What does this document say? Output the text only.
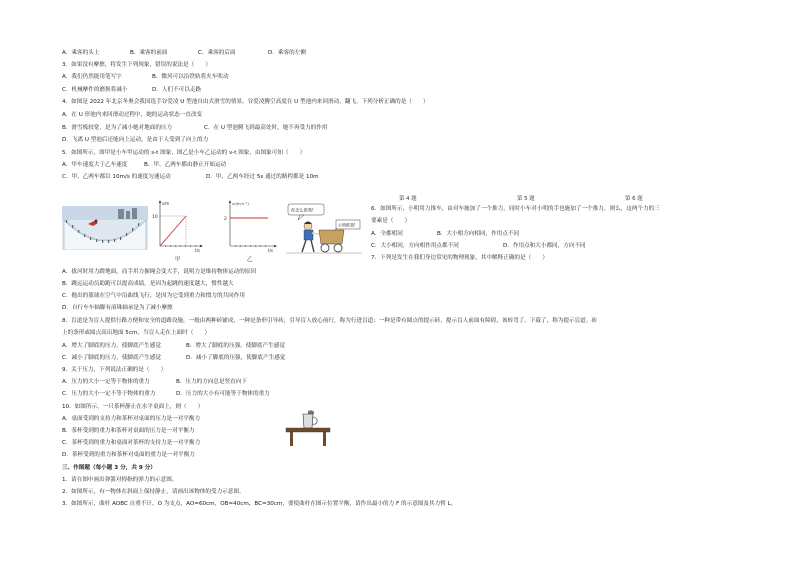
A．乘客的头上	B．乘客的前面	C．乘客的后面	D．乘客的左侧
3．如果没有摩擦，将发生下列现象，错误的说法是（　　）
A．我们仍然能用笔写字	B．微风可以沿铁轨将火车吹动
C．机械摩件的磨损将减小	D．人们不可以走路
4．如图是 2022 年北京冬奥会我国选手谷爱凌 U 型池自由式滑雪的情景。谷爱凌腾空高度在 U 型池内来回滑动、翻飞。下列分析正确的是（　　）
A．在 U 形池内来回滑动过程中，她的运动状态一直改变
B．滑雪板较宽，是为了减小她对地面的压力	C．在 U 型池腾飞到最高处时，她不再受力的作用
D．飞离 U 型池后还能向上运动，是由于人受到了向上的力
5．如图所示，图甲是小车甲运动的 s-t 图象，图乙是小车乙运动的 v-t 图象，由图象可知（　　）
A．甲车速度大于乙车速度	B．甲、乙两车都由静止开始运动
C．甲、乙两车都以 10m/s 的速度匀速运动	D．甲、乙两车经过 5s 通过的路程都是 10m
第 4 题	第 5 题	第 6 题
s/m
10
t/s
甲
v/(m·s⁻¹)
2
t/s
乙
你怎么推我!
小明推我!
6．如图所示，小明用力推车，由对车施加了一个推力，同时小车对小明的手也施加了一个推力。则么，这两个力的三
要素是（　　）
A．全都相同	B．大小相方向相同，作用点不同
C．大小相同，方向相作用点都不同	D．作用点和大小都同，方向不同
7．下列是发生在我们身边常见的物理现象，其中解释正确的是（　　）
A．拔河时用力蹬地面，而手用力握绳会变大手，说明力是维持物体运动的原因
B．跳远运动员助跑可以提高成绩，是因为起跳的速度越大，惯性越大
C．抛出的篮球在空气中沿曲线飞行，是因为它受到重力和惯力的共同作用
D．自行车车轴脚有滚珠轴承是为了减小摩擦
8．盲道是为盲人提供行路方便和安全的道路设施，一般由两种砖铺成，一种是条形引导砖，引导盲人放心前行，称为行进盲道；一种是带有圆点的提示砖，提示盲人前面有障碍，该转弯了。下载了，称为提示盲道。砖
上的条形或圆点高出地面 5cm，当盲人走在上面时（　　）
A．增大了脚底的压力，使脚底产生感觉	B．增大了脚底的压强，使脚底产生感觉
C．减小了脚底的压力，使脚底产生感觉	D．减小了脚底的压强，使脚底产生感觉
9．关于压力，下列说法正确的是（　　）
A．压力的大小一定等于物体的重力	B．压力的方向总是竖直向下
C．压力的大小一定不等于物体的重力	D．压力的大小有可能等于物体的重力
10．如图所示，一只茶杯静止在水平桌面上，则（　　）
A．桌面受到的支持力和茶杯对桌面的压力是一对平衡力
B．茶杯受到的重力和茶杯对桌面的压力是一对平衡力
C．茶杯受到的重力和桌面对茶杯的支持力是一对平衡力
D．茶杯受到的重力和茶杯对桌面的重力是一对平衡力
三、作图题（每小题 3 分，共 9 分）
1．请在图中画出弹簧对拇指的弹力的示意图。
2．如图所示，有一物体在斜面上保持静止，请画出该物体的受力示意图。
3．如图所示，曲杆 AOBC 自重不计，O 为支点，AO=60cm，OB=40cm，BC=30cm，要使曲杆在图示位置平衡，请作出最小的力 F 的示意图及其力臂 L。
